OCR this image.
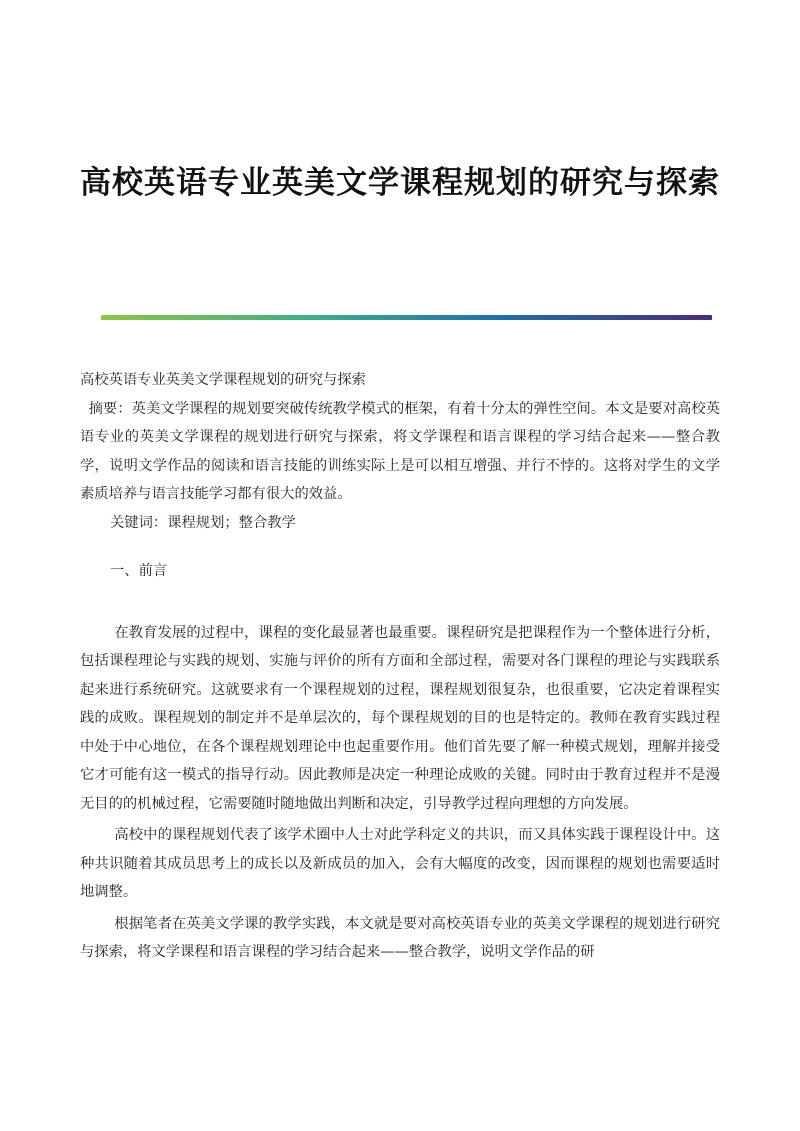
高校英语专业英美文学课程规划的研究与探索

高校英语专业英美文学课程规划的研究与探索

摘要：英美文学课程的规划要突破传统教学模式的框架，有着十分太的弹性空间。本文是要对高校英语专业的英美文学课程的规划进行研究与探索，将文学课程和语言课程的学习结合起来——整合教学，说明文学作品的阅读和语言技能的训练实际上是可以相互增强、并行不悖的。这将对学生的文学素质培养与语言技能学习都有很大的效益。

关键词：课程规划；整合教学

一、前言

在教育发展的过程中，课程的变化最显著也最重要。课程研究是把课程作为一个整体进行分析，包括课程理论与实践的规划、实施与评价的所有方面和全部过程，需要对各门课程的理论与实践联系起来进行系统研究。这就要求有一个课程规划的过程，课程规划很复杂，也很重要，它决定着课程实践的成败。课程规划的制定并不是单层次的，每个课程规划的目的也是特定的。教师在教育实践过程中处于中心地位，在各个课程规划理论中也起重要作用。他们首先要了解一种模式规划，理解并接受它才可能有这一模式的指导行动。因此教师是决定一种理论成败的关键。同时由于教育过程并不是漫无目的的机械过程，它需要随时随地做出判断和决定，引导教学过程向理想的方向发展。

高校中的课程规划代表了该学术圈中人士对此学科定义的共识，而又具体实践于课程设计中。这种共识随着其成员思考上的成长以及新成员的加入，会有大幅度的改变，因而课程的规划也需要适时地调整。

根据笔者在英美文学课的教学实践，本文就是要对高校英语专业的英美文学课程的规划进行研究与探索，将文学课程和语言课程的学习结合起来——整合教学，说明文学作品的研
